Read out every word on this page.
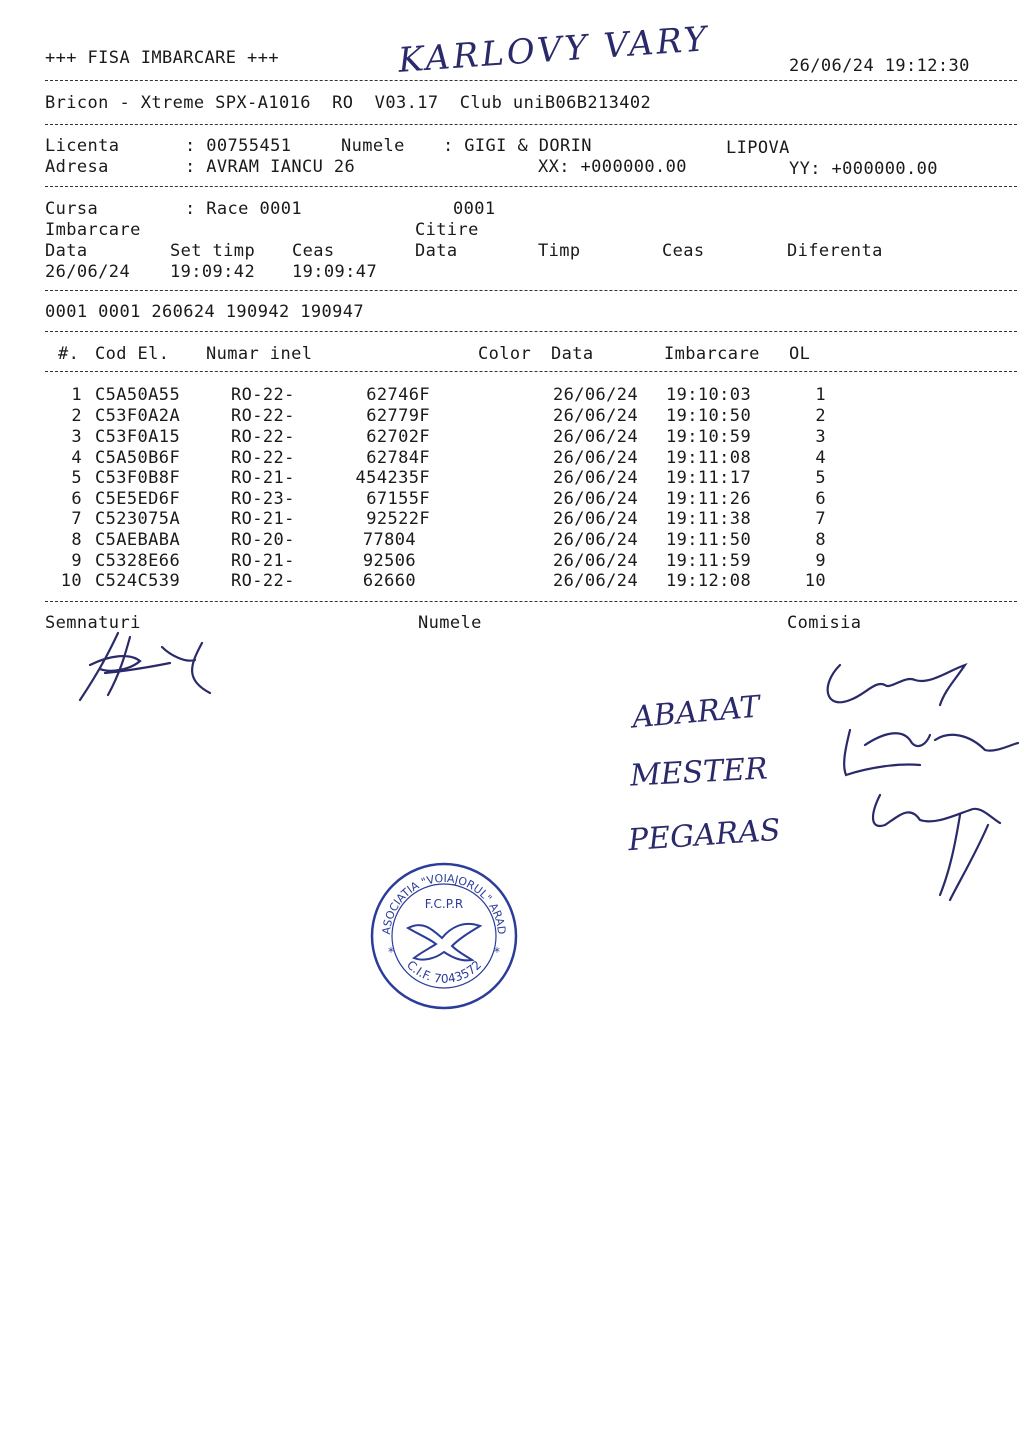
+++ FISA IMBARCARE +++	KARLOVY VARY	26/06/24 19:12:30
Bricon - Xtreme SPX-A1016  RO  V03.17  Club uniB06B213402
Licenta	: 00755451	Numele : GIGI & DORIN	LIPOVA
Adresa	: AVRAM IANCU 26	XX: +000000.00	YY: +000000.00
Cursa	: Race 0001	0001
Imbarcare	Citire
Data	Set timp Ceas	Data	Timp	Ceas	Diferenta
26/06/24 19:09:42 19:09:47
0001 0001 260624 190942 190947
#. Cod El. Numar inel	Color Data	Imbarcare OL
1 C5A50A55	RO-22-	62746F	26/06/24 19:10:03	1
2 C53F0A2A	RO-22-	62779F	26/06/24 19:10:50	2
3 C53F0A15	RO-22-	62702F	26/06/24 19:10:59	3
4 C5A50B6F	RO-22-	62784F	26/06/24 19:11:08	4
5 C53F0B8F	RO-21-	454235F	26/06/24 19:11:17	5
6 C5E5ED6F	RO-23-	67155F	26/06/24 19:11:26	6
7 C523075A	RO-21-	92522F	26/06/24 19:11:38	7
8 C5AEBABA	RO-20-	77804	26/06/24 19:11:50	8
9 C5328E66	RO-21-	92506	26/06/24 19:11:59	9
10 C524C539	RO-22-	62660	26/06/24 19:12:08	10
Semnaturi	Numele	Comisia
ABARAT
MESTER
PEGARAS
ASOCIATIA "VOIAJORUL" ARAD
C.I.F. 7043572
F.C.P.R
*	*
